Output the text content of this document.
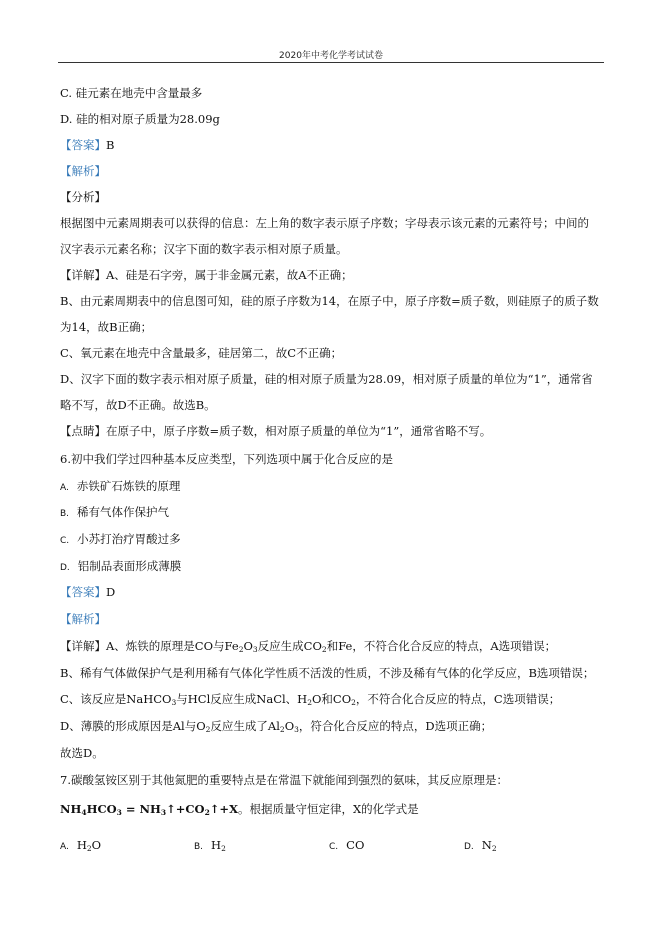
2020年中考化学考试试卷
C. 硅元素在地壳中含量最多
D. 硅的相对原子质量为28.09g
【答案】B
【解析】
【分析】
根据图中元素周期表可以获得的信息：左上角的数字表示原子序数；字母表示该元素的元素符号；中间的
汉字表示元素名称；汉字下面的数字表示相对原子质量。
【详解】A、硅是石字旁，属于非金属元素，故A不正确；
B、由元素周期表中的信息图可知，硅的原子序数为14，在原子中，原子序数=质子数，则硅原子的质子数
为14，故B正确；
C、氧元素在地壳中含量最多，硅居第二，故C不正确；
D、汉字下面的数字表示相对原子质量，硅的相对原子质量为28.09，相对原子质量的单位为“1”，通常省
略不写，故D不正确。故选B。
【点睛】在原子中，原子序数=质子数，相对原子质量的单位为“1”，通常省略不写。
6.初中我们学过四种基本反应类型，下列选项中属于化合反应的是
A. 赤铁矿石炼铁的原理
B. 稀有气体作保护气
C. 小苏打治疗胃酸过多
D. 铝制品表面形成薄膜
【答案】D
【解析】
【详解】A、炼铁的原理是CO与$Fe_2O_3$反应生成$CO_2$和Fe，不符合化合反应的特点，A选项错误；
B、稀有气体做保护气是利用稀有气体化学性质不活泼的性质，不涉及稀有气体的化学反应，B选项错误；
C、该反应是NaHCO$_3$与HCl反应生成NaCl、$H_2O$和$CO_2$，不符合化合反应的特点，C选项错误；
D、薄膜的形成原因是Al与$O_2$反应生成了$Al_2O_3$，符合化合反应的特点，D选项正确；
故选D。
7.碳酸氢铵区别于其他氮肥的重要特点是在常温下就能闻到强烈的氨味，其反应原理是：
$NH_4HCO_3$ = $NH_3↑+CO_2↑+X$。根据质量守恒定律，X的化学式是
A. $H_2O$	B. $H_2$	C. CO	D. $N_2$
